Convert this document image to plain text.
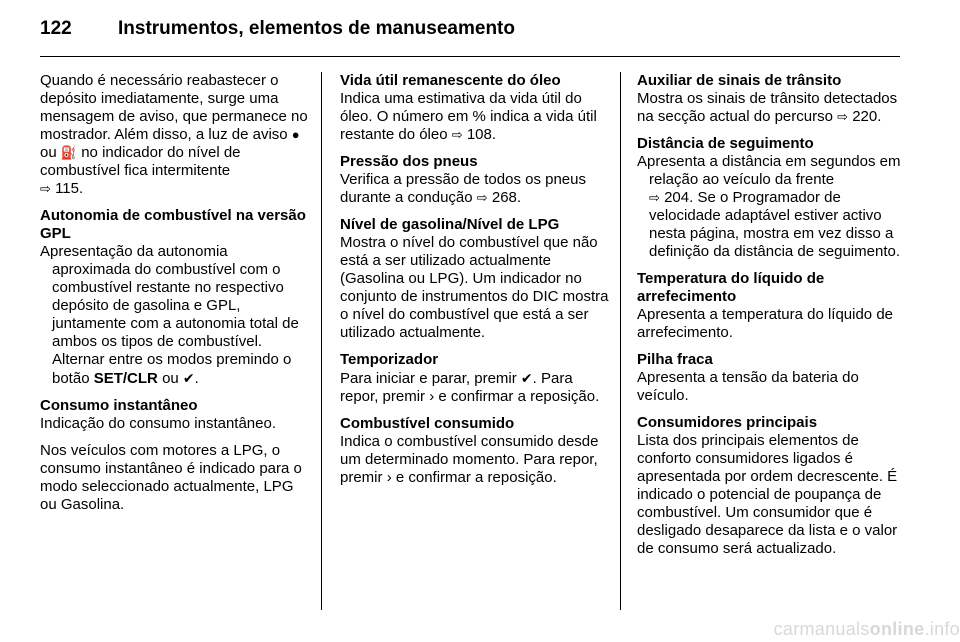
122	Instrumentos, elementos de manuseamento

Quando é necessário reabastecer o depósito imediatamente, surge uma mensagem de aviso, que permanece no mostrador. Além disso, a luz de aviso ● ou ⛽ no indicador do nível de combustível fica intermitente
⇨ 115.

Autonomia de combustível na versão GPL
Apresentação da autonomia aproximada do combustível com o combustível restante no respectivo depósito de gasolina e GPL, juntamente com a autonomia total de ambos os tipos de combustível. Alternar entre os modos premindo o botão SET/CLR ou ✔.
Consumo instantâneo

Indicação do consumo instantâneo.

Nos veículos com motores a LPG, o consumo instantâneo é indicado para o modo seleccionado actualmente, LPG ou Gasolina.

Vida útil remanescente do óleo
Indica uma estimativa da vida útil do óleo. O número em % indica a vida útil restante do óleo ⇨ 108.
Pressão dos pneus
Verifica a pressão de todos os pneus durante a condução ⇨ 268.
Nível de gasolina/Nível de LPG
Mostra o nível do combustível que não está a ser utilizado actualmente (Gasolina ou LPG). Um indicador no conjunto de instrumentos do DIC mostra o nível do combustível que está a ser utilizado actualmente.
Temporizador
Para iniciar e parar, premir ✔. Para repor, premir › e confirmar a reposição.
Combustível consumido
Indica o combustível consumido desde um determinado momento. Para repor, premir › e confirmar a reposição.
Auxiliar de sinais de trânsito
Mostra os sinais de trânsito detectados na secção actual do percurso ⇨ 220.
Distância de seguimento
Apresenta a distância em segundos em relação ao veículo da frente
⇨ 204. Se o Programador de velocidade adaptável estiver activo nesta página, mostra em vez disso a definição da distância de seguimento.
Temperatura do líquido de arrefecimento
Apresenta a temperatura do líquido de arrefecimento.
Pilha fraca
Apresenta a tensão da bateria do veículo.
Consumidores principais
Lista dos principais elementos de conforto consumidores ligados é apresentada por ordem decrescente. É indicado o potencial de poupança de combustível. Um consumidor que é desligado desaparece da lista e o valor de consumo será actualizado.
carmanualsonline.info
